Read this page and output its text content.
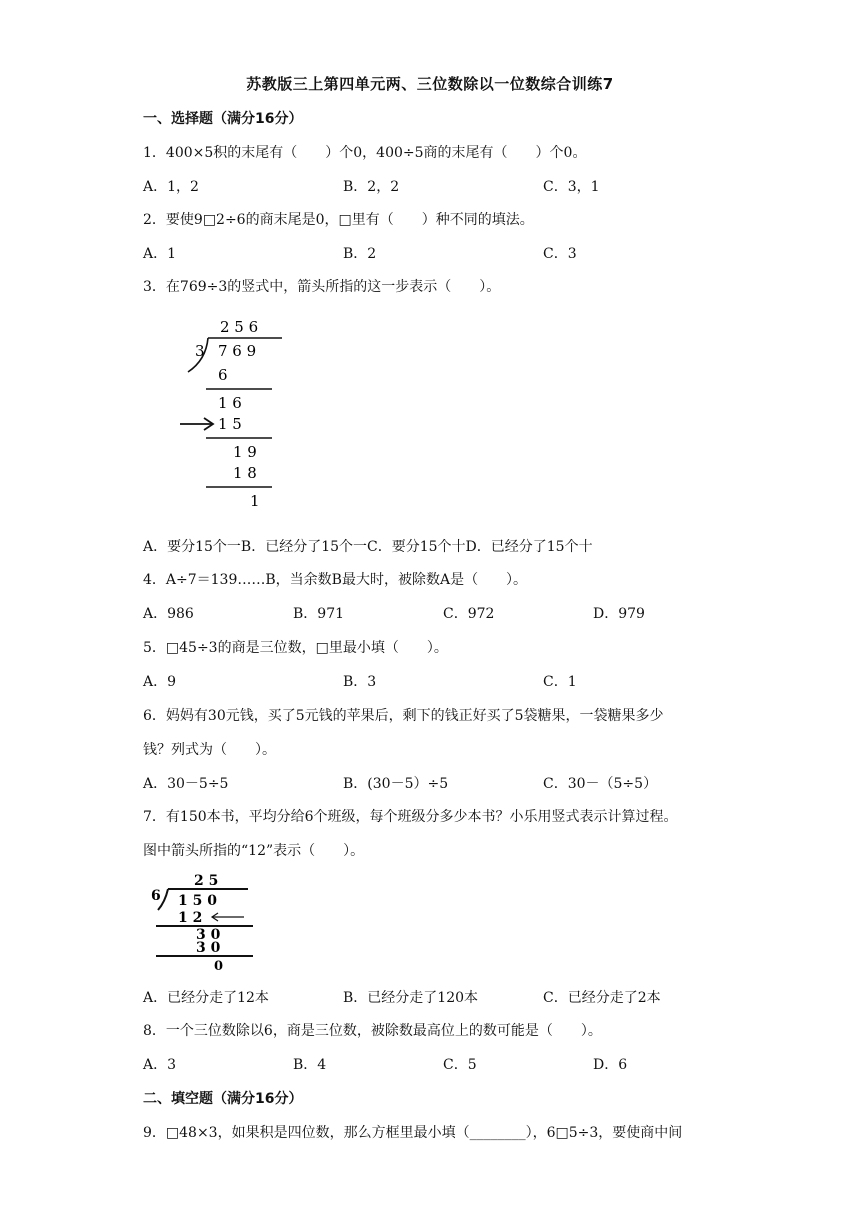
苏教版三上第四单元两、三位数除以一位数综合训练7
一、选择题（满分16分）
1．400×5积的末尾有（　　）个0，400÷5商的末尾有（　　）个0。
A．1，2	B．2，2	C．3，1
2．要使9□2÷6的商末尾是0，□里有（　　）种不同的填法。
A．1	B．2	C．3
3．在769÷3的竖式中，箭头所指的这一步表示（　　）。
2 5 6
3 7 6 9
6
1 6
1 5
1 9
1 8
1
A．要分15个一B．已经分了15个一C．要分15个十D．已经分了15个十
4．A÷7＝139……B，当余数B最大时，被除数A是（　　）。
A．986	B．971	C．972	D．979
5．□45÷3的商是三位数，□里最小填（　　）。
A．9	B．3	C．1
6．妈妈有30元钱，买了5元钱的苹果后，剩下的钱正好买了5袋糖果，一袋糖果多少
钱？列式为（　　）。
A．30－5÷5	B．(30－5）÷5	C．30－（5÷5）
7．有150本书，平均分给6个班级，每个班级分多少本书？小乐用竖式表示计算过程。
图中箭头所指的“12”表示（　　）。
2 5
6 1 5 0
1 2
3 0
3 0
0
A．已经分走了12本	B．已经分走了120本	C．已经分走了2本
8．一个三位数除以6，商是三位数，被除数最高位上的数可能是（　　）。
A．3	B．4	C．5	D．6
二、填空题（满分16分）
9．□48×3，如果积是四位数，那么方框里最小填（________），6□5÷3，要使商中间
